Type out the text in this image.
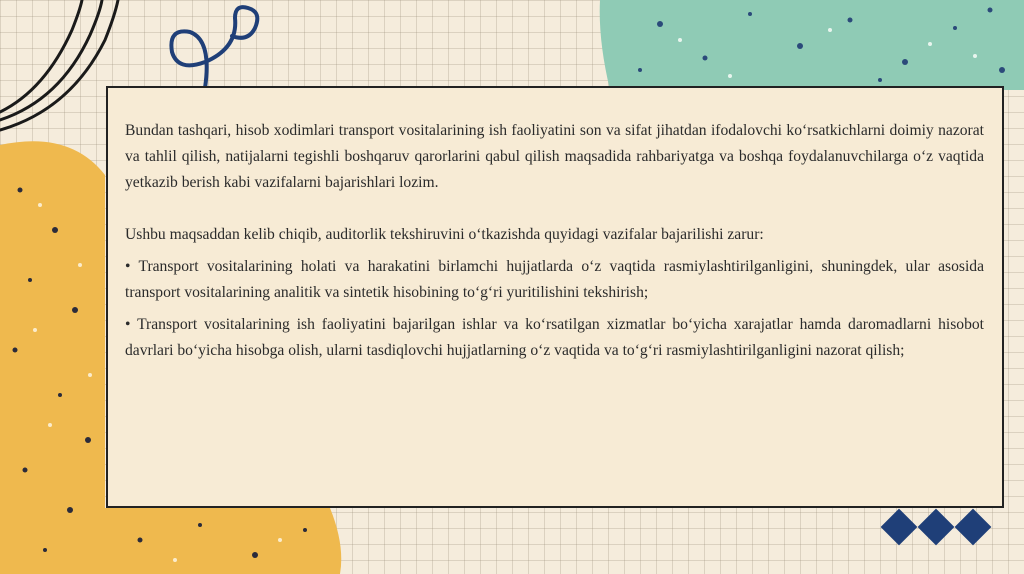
Bundan tashqari, hisob xodimlari transport vositalarining ish faoliyatini son va sifat jihatdan ifodalovchi ko‘rsatkichlarni doimiy nazorat va tahlil qilish, natijalarni tegishli boshqaruv qarorlarini qabul qilish maqsadida rahbariyatga va boshqa foydalanuvchilarga o‘z vaqtida yetkazib berish kabi vazifalarni bajarishlari lozim.

Ushbu maqsaddan kelib chiqib, auditorlik tekshiruvini o‘tkazishda quyidagi vazifalar bajarilishi zarur:

• Transport vositalarining holati va harakatini birlamchi hujjatlarda o‘z vaqtida rasmiylashtirilganligini, shuningdek, ular asosida transport vositalarining analitik va sintetik hisobining to‘g‘ri yuritilishini tekshirish;

• Transport vositalarining ish faoliyatini bajarilgan ishlar va ko‘rsatilgan xizmatlar bo‘yicha xarajatlar hamda daromadlarni hisobot davrlari bo‘yicha hisobga olish, ularni tasdiqlovchi hujjatlarning o‘z vaqtida va to‘g‘ri rasmiylashtirilganligini nazorat qilish;
